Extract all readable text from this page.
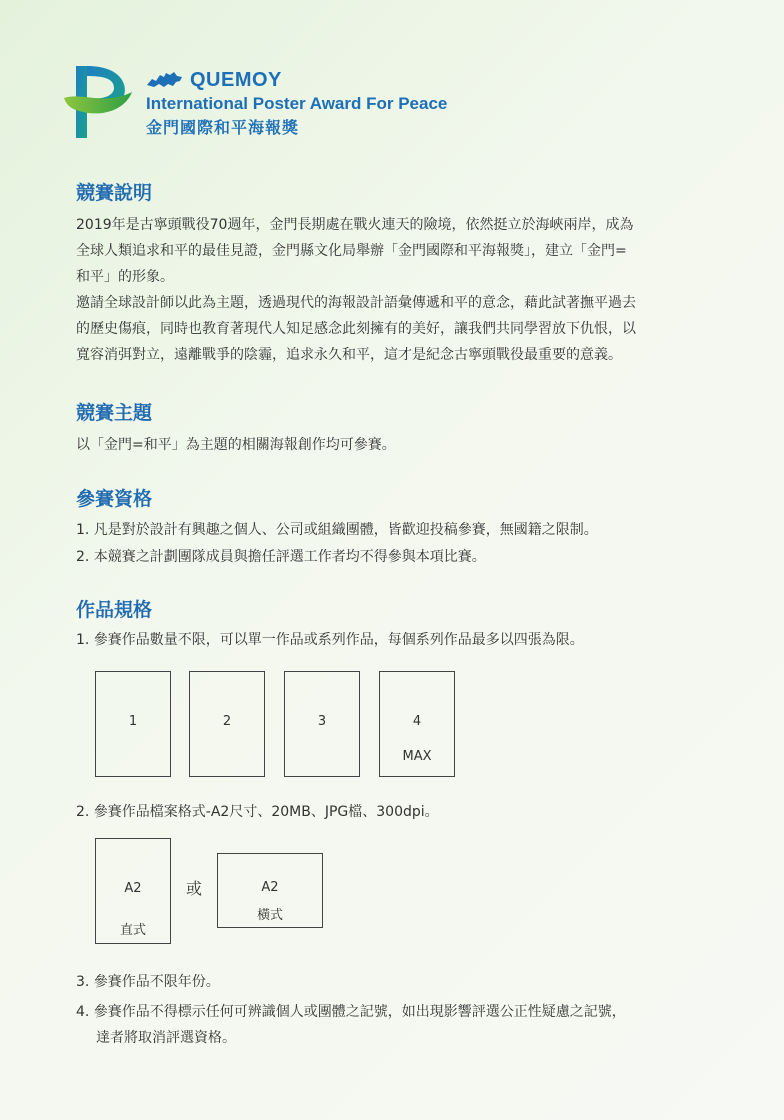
QUEMOY
International Poster Award For Peace
金門國際和平海報獎
競賽說明
2019年是古寧頭戰役70週年，金門長期處在戰火連天的險境，依然挺立於海峽兩岸，成為
全球人類追求和平的最佳見證，金門縣文化局舉辦「金門國際和平海報獎」，建立「金門=
和平」的形象。
邀請全球設計師以此為主題，透過現代的海報設計語彙傳遞和平的意念，藉此試著撫平過去
的歷史傷痕，同時也教育著現代人知足感念此刻擁有的美好，讓我們共同學習放下仇恨，以
寬容消弭對立，遠離戰爭的陰霾，追求永久和平，這才是紀念古寧頭戰役最重要的意義。
競賽主題
以「金門=和平」為主題的相關海報創作均可參賽。
參賽資格
1. 凡是對於設計有興趣之個人、公司或組織團體，皆歡迎投稿參賽，無國籍之限制。
2. 本競賽之計劃團隊成員與擔任評選工作者均不得參與本項比賽。
作品規格
1. 參賽作品數量不限，可以單一作品或系列作品，每個系列作品最多以四張為限。
1	2	3	4
MAX
2. 參賽作品檔案格式-A2尺寸、20MB、JPG檔、300dpi。
A2
直式
或	A2
橫式
3. 參賽作品不限年份。
4. 參賽作品不得標示任何可辨識個人或團體之記號，如出現影響評選公正性疑慮之記號，
達者將取消評選資格。
